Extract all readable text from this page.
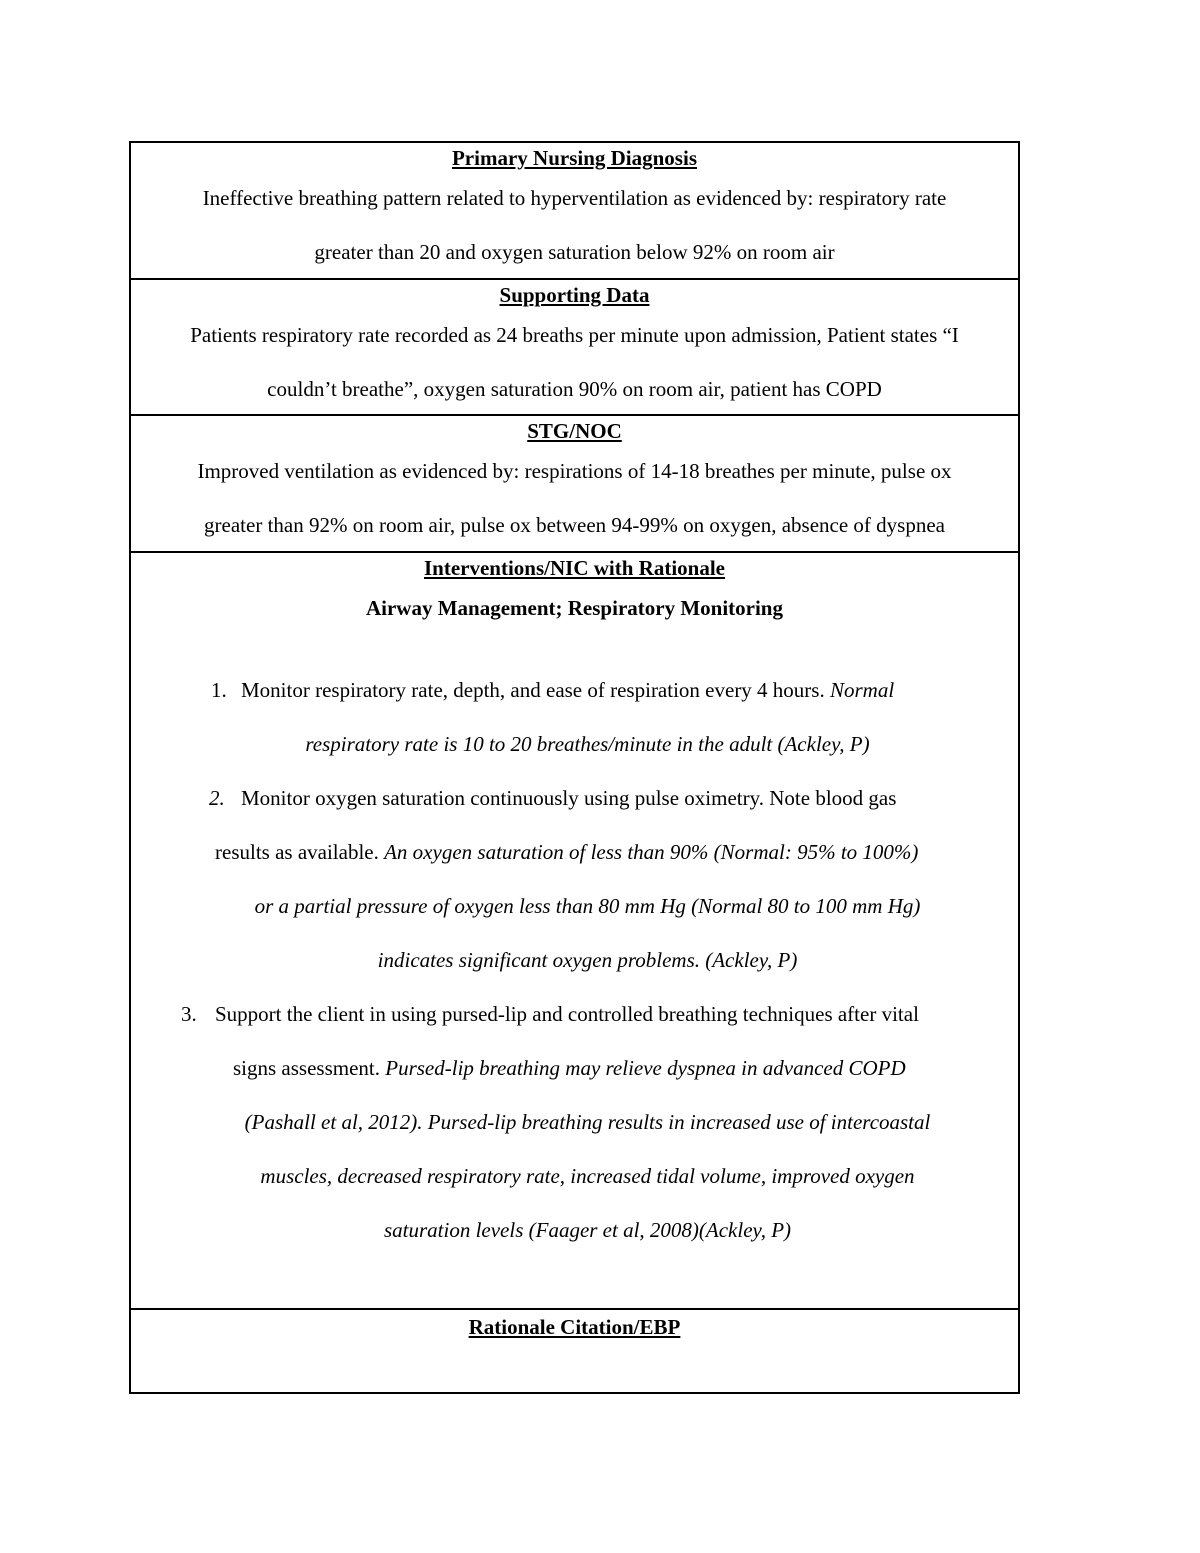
Primary Nursing Diagnosis
Ineffective breathing pattern related to hyperventilation as evidenced by: respiratory rate
greater than 20 and oxygen saturation below 92% on room air
Supporting Data
Patients respiratory rate recorded as 24 breaths per minute upon admission, Patient states “I
couldn’t breathe”, oxygen saturation 90% on room air, patient has COPD
STG/NOC
Improved ventilation as evidenced by: respirations of 14-18 breathes per minute, pulse ox
greater than 92% on room air, pulse ox between 94-99% on oxygen, absence of dyspnea
Interventions/NIC with Rationale
Airway Management; Respiratory Monitoring
1. Monitor respiratory rate, depth, and ease of respiration every 4 hours. Normal
respiratory rate is 10 to 20 breathes/minute in the adult (Ackley, P)
2. Monitor oxygen saturation continuously using pulse oximetry. Note blood gas
results as available. An oxygen saturation of less than 90% (Normal: 95% to 100%)
or a partial pressure of oxygen less than 80 mm Hg (Normal 80 to 100 mm Hg)
indicates significant oxygen problems. (Ackley, P)
3. Support the client in using pursed-lip and controlled breathing techniques after vital
signs assessment. Pursed-lip breathing may relieve dyspnea in advanced COPD
(Pashall et al, 2012). Pursed-lip breathing results in increased use of intercoastal
muscles, decreased respiratory rate, increased tidal volume, improved oxygen
saturation levels (Faager et al, 2008)(Ackley, P)
Rationale Citation/EBP
